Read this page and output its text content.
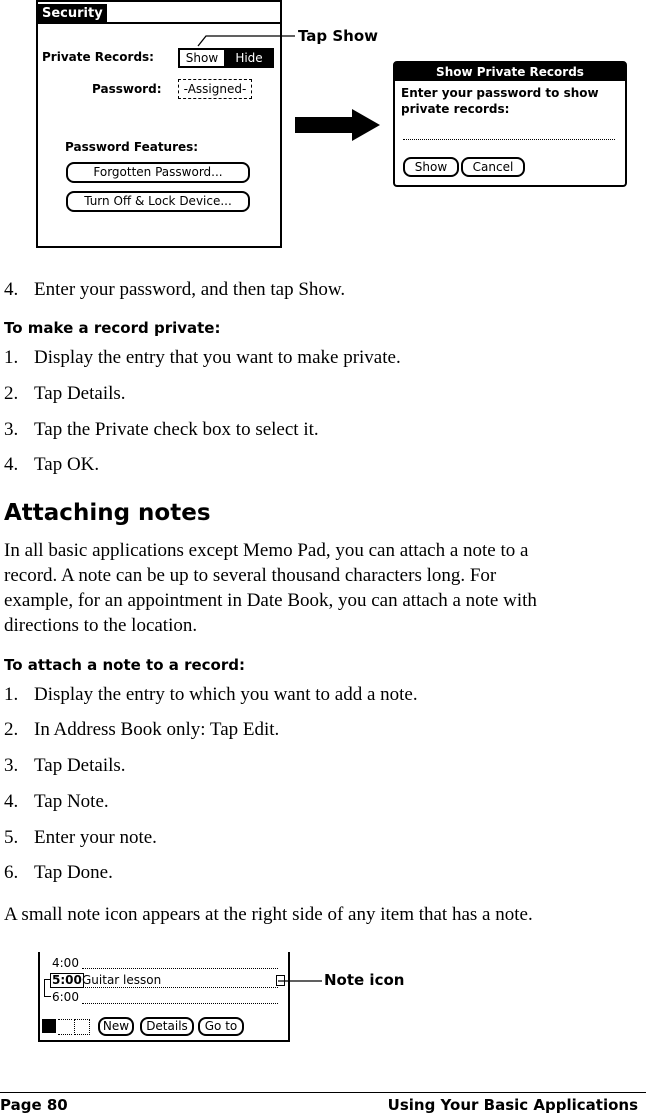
Security
Private Records:	Show	Hide
Password:	-Assigned-
Password Features:
Forgotten Password...
Turn Off & Lock Device...
Tap Show
Show Private Records
Enter your password to show private records:
Show	Cancel
4. Enter your password, and then tap Show.
To make a record private:
1. Display the entry that you want to make private.
2. Tap Details.
3. Tap the Private check box to select it.
4. Tap OK.
Attaching notes
In all basic applications except Memo Pad, you can attach a note to a
record. A note can be up to several thousand characters long. For
example, for an appointment in Date Book, you can attach a note with
directions to the location.
To attach a note to a record:
1. Display the entry to which you want to add a note.
2. In Address Book only: Tap Edit.
3. Tap Details.
4. Tap Note.
5. Enter your note.
6. Tap Done.
A small note icon appears at the right side of any item that has a note.
4:00
5:00 Guitar lesson
6:00
New	Details	Go to
Note icon
Page 80	Using Your Basic Applications
